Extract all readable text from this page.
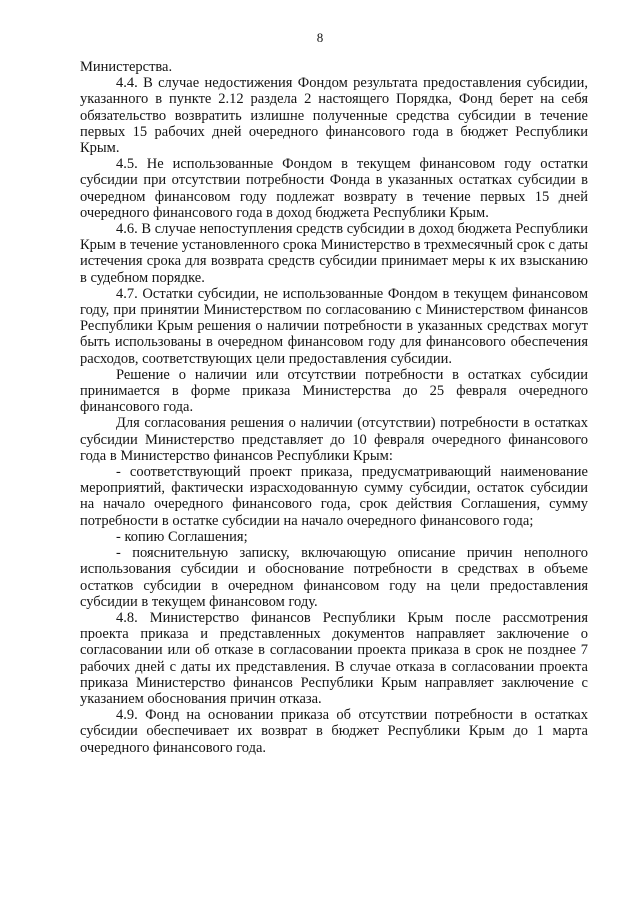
8

Министерства.

4.4. В случае недостижения Фондом результата предоставления субсидии, указанного в пункте 2.12 раздела 2 настоящего Порядка, Фонд берет на себя обязательство возвратить излишне полученные средства субсидии в течение первых 15 рабочих дней очередного финансового года в бюджет Республики Крым.

4.5. Не использованные Фондом в текущем финансовом году остатки субсидии при отсутствии потребности Фонда в указанных остатках субсидии в очередном финансовом году подлежат возврату в течение первых 15 дней очередного финансового года в доход бюджета Республики Крым.

4.6. В случае непоступления средств субсидии в доход бюджета Республики Крым в течение установленного срока Министерство в трехмесячный срок с даты истечения срока для возврата средств субсидии принимает меры к их взысканию в судебном порядке.

4.7. Остатки субсидии, не использованные Фондом в текущем финансовом году, при принятии Министерством по согласованию с Министерством финансов Республики Крым решения о наличии потребности в указанных средствах могут быть использованы в очередном финансовом году для финансового обеспечения расходов, соответствующих цели предоставления субсидии.

Решение о наличии или отсутствии потребности в остатках субсидии принимается в форме приказа Министерства до 25 февраля очередного финансового года.

Для согласования решения о наличии (отсутствии) потребности в остатках субсидии Министерство представляет до 10 февраля очередного финансового года в Министерство финансов Республики Крым:

- соответствующий проект приказа, предусматривающий наименование мероприятий, фактически израсходованную сумму субсидии, остаток субсидии на начало очередного финансового года, срок действия Соглашения, сумму потребности в остатке субсидии на начало очередного финансового года;

- копию Соглашения;

- пояснительную записку, включающую описание причин неполного использования субсидии и обоснование потребности в средствах в объеме остатков субсидии в очередном финансовом году на цели предоставления субсидии в текущем финансовом году.

4.8. Министерство финансов Республики Крым после рассмотрения проекта приказа и представленных документов направляет заключение о согласовании или об отказе в согласовании проекта приказа в срок не позднее 7 рабочих дней с даты их представления. В случае отказа в согласовании проекта приказа Министерство финансов Республики Крым направляет заключение с указанием обоснования причин отказа.

4.9. Фонд на основании приказа об отсутствии потребности в остатках субсидии обеспечивает их возврат в бюджет Республики Крым до 1 марта очередного финансового года.
